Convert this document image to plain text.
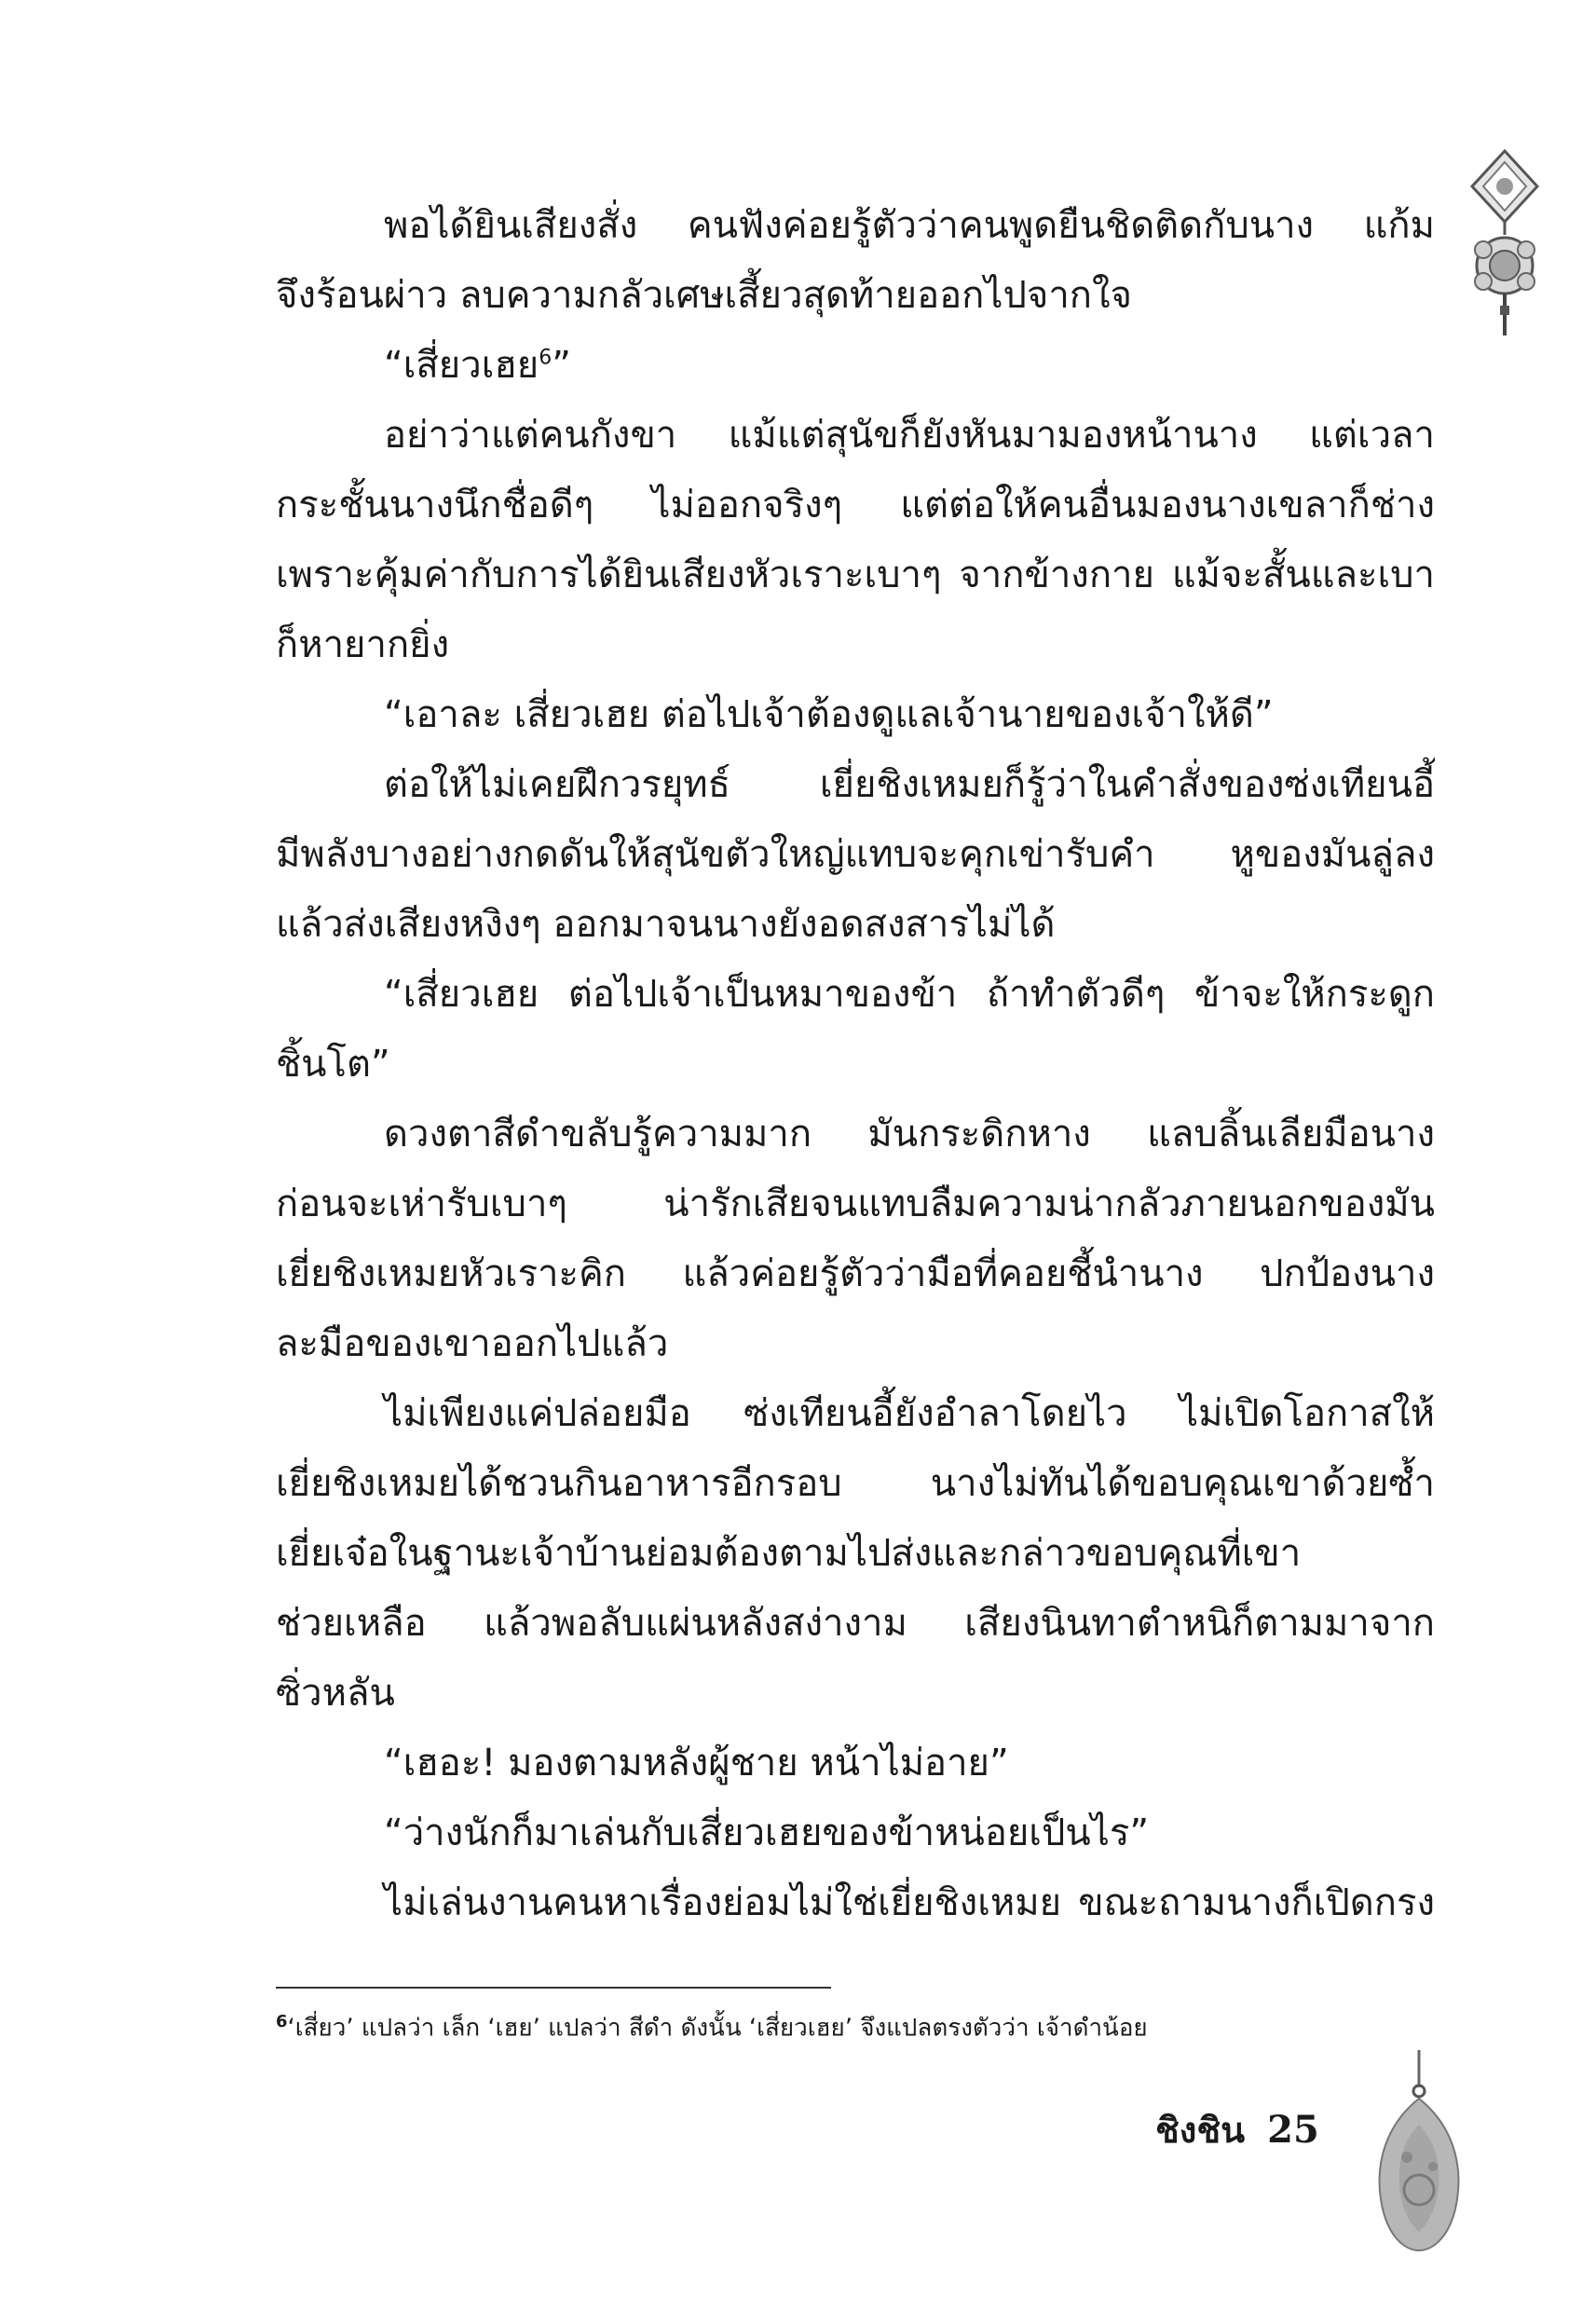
พอได้ยินเสียงสั่ง คนฟังค่อยรู้ตัวว่าคนพูดยืนชิดติดกับนาง แก้ม
จึงร้อนผ่าว ลบความกลัวเศษเสี้ยวสุดท้ายออกไปจากใจ
“เสี่ยวเฮย$^6$”
อย่าว่าแต่คนกังขา แม้แต่สุนัขก็ยังหันมามองหน้านาง แต่เวลา
กระชั้นนางนึกชื่อดีๆ ไม่ออกจริงๆ แต่ต่อให้คนอื่นมองนางเขลาก็ช่าง
เพราะคุ้มค่ากับการได้ยินเสียงหัวเราะเบาๆ จากข้างกาย แม้จะสั้นและเบา
ก็หายากยิ่ง
“เอาละ เสี่ยวเฮย ต่อไปเจ้าต้องดูแลเจ้านายของเจ้าให้ดี”
ต่อให้ไม่เคยฝึกวรยุทธ์ เยี่ยชิงเหมยก็รู้ว่าในคำสั่งของซ่งเทียนอี้
มีพลังบางอย่างกดดันให้สุนัขตัวใหญ่แทบจะคุกเข่ารับคำ หูของมันลู่ลง
แล้วส่งเสียงหงิงๆ ออกมาจนนางยังอดสงสารไม่ได้
“เสี่ยวเฮย ต่อไปเจ้าเป็นหมาของข้า ถ้าทำตัวดีๆ ข้าจะให้กระดูก
ชิ้นโต”
ดวงตาสีดำขลับรู้ความมาก มันกระดิกหาง แลบลิ้นเลียมือนาง
ก่อนจะเห่ารับเบาๆ น่ารักเสียจนแทบลืมความน่ากลัวภายนอกของมัน
เยี่ยชิงเหมยหัวเราะคิก แล้วค่อยรู้ตัวว่ามือที่คอยชี้นำนาง ปกป้องนาง
ละมือของเขาออกไปแล้ว
ไม่เพียงแค่ปล่อยมือ ซ่งเทียนอี้ยังอำลาโดยไว ไม่เปิดโอกาสให้
เยี่ยชิงเหมยได้ชวนกินอาหารอีกรอบ นางไม่ทันได้ขอบคุณเขาด้วยซ้ำ
เยี่ยเจ๋อในฐานะเจ้าบ้านย่อมต้องตามไปส่งและกล่าวขอบคุณที่เขา
ช่วยเหลือ แล้วพอลับแผ่นหลังสง่างาม เสียงนินทาตำหนิก็ตามมาจาก
ซิ่วหลัน
“เฮอะ! มองตามหลังผู้ชาย หน้าไม่อาย”
“ว่างนักก็มาเล่นกับเสี่ยวเฮยของข้าหน่อยเป็นไร”
ไม่เล่นงานคนหาเรื่องย่อมไม่ใช่เยี่ยชิงเหมย ขณะถามนางก็เปิดกรง
$^6$‘เสี่ยว’ แปลว่า เล็ก ‘เฮย’ แปลว่า สีดำ ดังนั้น ‘เสี่ยวเฮย’ จึงแปลตรงตัวว่า เจ้าดำน้อย
ชิงชิน 25
